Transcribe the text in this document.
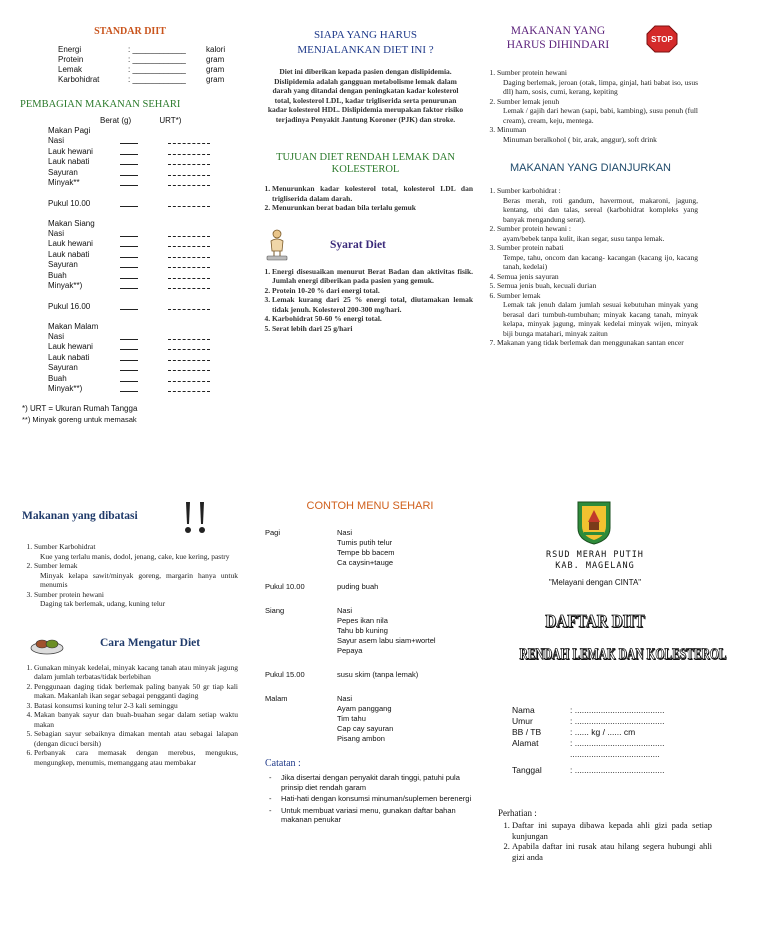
STANDAR DIIT
Energi	: ____________	kalori
Protein	: ____________	gram
Lemak	: ____________	gram
Karbohidrat	: ____________	gram
PEMBAGIAN MAKANAN SEHARI
Berat (g)	URT*)
Makan Pagi
Nasi
Lauk hewani
Lauk nabati
Sayuran
Minyak**
Pukul 10.00
Makan Siang
Nasi
Lauk hewani
Lauk nabati
Sayuran
Buah
Minyak**)
Pukul 16.00
Makan Malam
Nasi
Lauk hewani
Lauk nabati
Sayuran
Buah
Minyak**)
*) URT = Ukuran Rumah Tangga
**) Minyak goreng untuk memasak
SIAPA YANG HARUS
MENJALANKAN DIET INI ?
Diet ini diberikan kepada pasien dengan dislipidemia. Dislipidemia adalah gangguan metabolisme lemak dalam darah yang ditandai dengan peningkatan kadar kolesterol total, kolesterol LDL, kadar trigliserida serta penurunan kadar kolesterol HDL. Dislipidemia merupakan faktor risiko terjadinya Penyakit Jantung Koroner (PJK) dan stroke.
TUJUAN DIET RENDAH LEMAK DAN KOLESTEROL
1. Menurunkan kadar kolesterol total, kolesterol LDL dan trigliserida dalam darah.
2. Menurunkan berat badan bila terlalu gemuk
Syarat Diet
1. Energi disesuaikan menurut Berat Badan dan aktivitas fisik. Jumlah energi diberikan pada pasien yang gemuk.
2. Protein 10-20 % dari energi total.
3. Lemak kurang dari 25 % energi total, diutamakan lemak tidak jenuh. Kolesterol 200-300 mg/hari.
4. Karbohidrat 50-60 % energi total.
5. Serat lebih dari 25 g/hari
MAKANAN YANG
HARUS DIHINDARI	STOP
1. Sumber protein hewani
Daging berlemak, jeroan (otak, limpa, ginjal, hati babat iso, usus dll) ham, sosis, cumi, kerang, kepiting
2. Sumber lemak jenuh
Lemak / gajih dari hewan (sapi, babi, kambing), susu penuh (full cream), cream, keju, mentega.
3. Minuman
Minuman beralkohol ( bir, arak, anggur), soft drink
MAKANAN YANG DIANJURKAN
1. Sumber karbohidrat :
Beras merah, roti gandum, havermout, makaroni, jagung, kentang, ubi dan talas, sereal (karbohidrat kompleks yang banyak mengandung serat).
2. Sumber protein hewani :
ayam/bebek tanpa kulit, ikan segar, susu tanpa lemak.
3. Sumber protein nabati
Tempe, tahu, oncom dan kacang- kacangan (kacang ijo, kacang tanah, kedelai)
4. Semua jenis sayuran
5. Semua jenis buah, kecuali durian
6. Sumber lemak
Lemak tak jenuh dalam jumlah sesuai kebutuhan minyak yang berasal dari tumbuh-tumbuhan; minyak kacang tanah, minyak kelapa, minyak jagung, minyak kedelai minyak wijen, minyak biji bunga matahari, minyak zaitun
7. Makanan yang tidak berlemak dan menggunakan santan encer
Makanan yang dibatasi
1. Sumber Karbohidrat
Kue yang terlalu manis, dodol, jenang, cake, kue kering, pastry
2. Sumber lemak
Minyak kelapa sawit/minyak goreng, margarin hanya untuk menumis
3. Sumber protein hewani
Daging tak berlemak, udang, kuning telur
Cara Mengatur Diet
1. Gunakan minyak kedelai, minyak kacang tanah atau minyak jagung dalam jumlah terbatas/tidak berlebihan
2. Penggunaan daging tidak berlemak paling banyak 50 gr tiap kali makan. Makanlah ikan segar sebagai pengganti daging
3. Batasi konsumsi kuning telur 2-3 kali seminggu
4. Makan banyak sayur dan buah-buahan segar dalam setiap waktu makan
5. Sebagian sayur sebaiknya dimakan mentah atau sebagai lalapan (dengan dicuci bersih)
6. Perbanyak cara memasak dengan merebus, mengukus, mengungkep, menumis, memanggang atau membakar
CONTOH MENU SEHARI
Pagi	Nasi
Tumis putih telur
Tempe bb bacem
Ca caysin+tauge
Pukul 10.00	puding buah
Siang	Nasi
Pepes ikan nila
Tahu bb kuning
Sayur asem labu siam+wortel
Pepaya
Pukul 15.00	susu skim (tanpa lemak)
Malam	Nasi
Ayam panggang
Tim tahu
Cap cay sayuran
Pisang ambon
Catatan :
-	Jika disertai dengan penyakit darah tinggi, patuhi pula prinsip diet rendah garam
-	Hati-hati dengan konsumsi minuman/suplemen berenergi
-	Untuk membuat variasi menu, gunakan daftar bahan makanan penukar
RSUD MERAH PUTIH
KAB. MAGELANG
"Melayani dengan CINTA"
DAFTAR DIIT
RENDAH LEMAK DAN KOLESTEROL
Nama	: ......................................
Umur	: ......................................
BB / TB	: ...... kg / ...... cm
Alamat	: ......................................
	......................................
Tanggal	: ......................................
Perhatian :
1. Daftar ini supaya dibawa kepada ahli gizi pada setiap kunjungan
2. Apabila daftar ini rusak atau hilang segera hubungi ahli gizi anda
